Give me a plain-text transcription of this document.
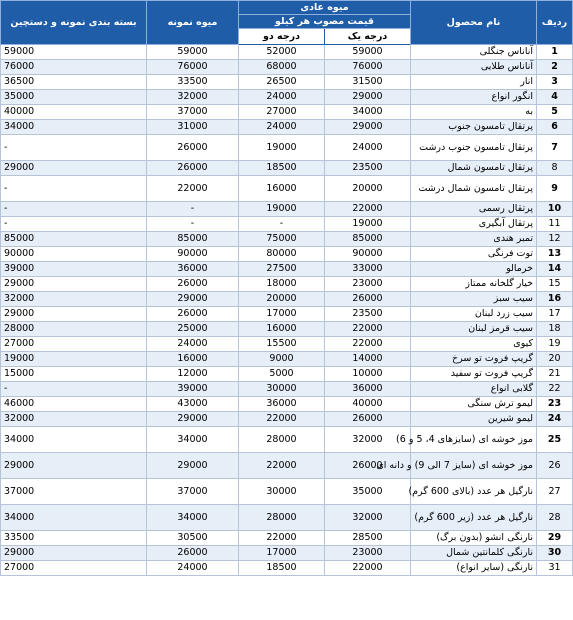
ردیف	نام محصول	میوه عادی		میوه نمونه	بسته بندی نمونه و دستچین
		قیمت مصوب هر کیلو			
		درجه یک	درجه دو		
1	آناناس جنگلی	59000	52000	59000	59000
2	آناناس طلایی	76000	68000	76000	76000
3	انار	31500	26500	33500	36500
4	انگور انواع	29000	24000	32000	35000
5	به	34000	27000	37000	40000
6	پرتقال تامسون جنوب	29000	24000	31000	34000
7	پرتقال تامسون جنوب درشت	24000	19000	26000	-
8	پرتقال تامسون شمال	23500	18500	26000	29000
9	پرتقال تامسون شمال درشت	20000	16000	22000	-
10	پرتقال رسمی	22000	19000	-	-
11	پرتقال آبگیری	19000	-	-	-
12	تمبر هندی	85000	75000	85000	85000
13	توت فرنگی	90000	80000	90000	90000
14	خرمالو	33000	27500	36000	39000
15	خیار گلخانه ممتاز	23000	18000	26000	29000
16	سیب سبز	26000	20000	29000	32000
17	سیب زرد لبنان	23500	17000	26000	29000
18	سیب قرمز لبنان	22000	16000	25000	28000
19	کیوی	22000	15500	24000	27000
20	گریپ فروت تو سرخ	14000	9000	16000	19000
21	گریپ فروت تو سفید	10000	5000	12000	15000
22	گلابی انواع	36000	30000	39000	-
23	لیمو ترش سنگی	40000	36000	43000	46000
24	لیمو شیرین	26000	22000	29000	32000
25	موز خوشه ای (سایزهای 4، 5 و 6)	32000	28000	34000	34000
26	موز خوشه ای (سایز 7 الی 9) و دانه ای	26000	22000	29000	29000
27	نارگیل هر عدد (بالای 600 گرم)	35000	30000	37000	37000
28	نارگیل هر عدد (زیر 600 گرم)	32000	28000	34000	34000
29	نارنگی انشو (بدون برگ)	28500	22000	30500	33500
30	نارنگی کلمانتین شمال	23000	17000	26000	29000
31	نارنگی (سایر انواع)	22000	18500	24000	27000
